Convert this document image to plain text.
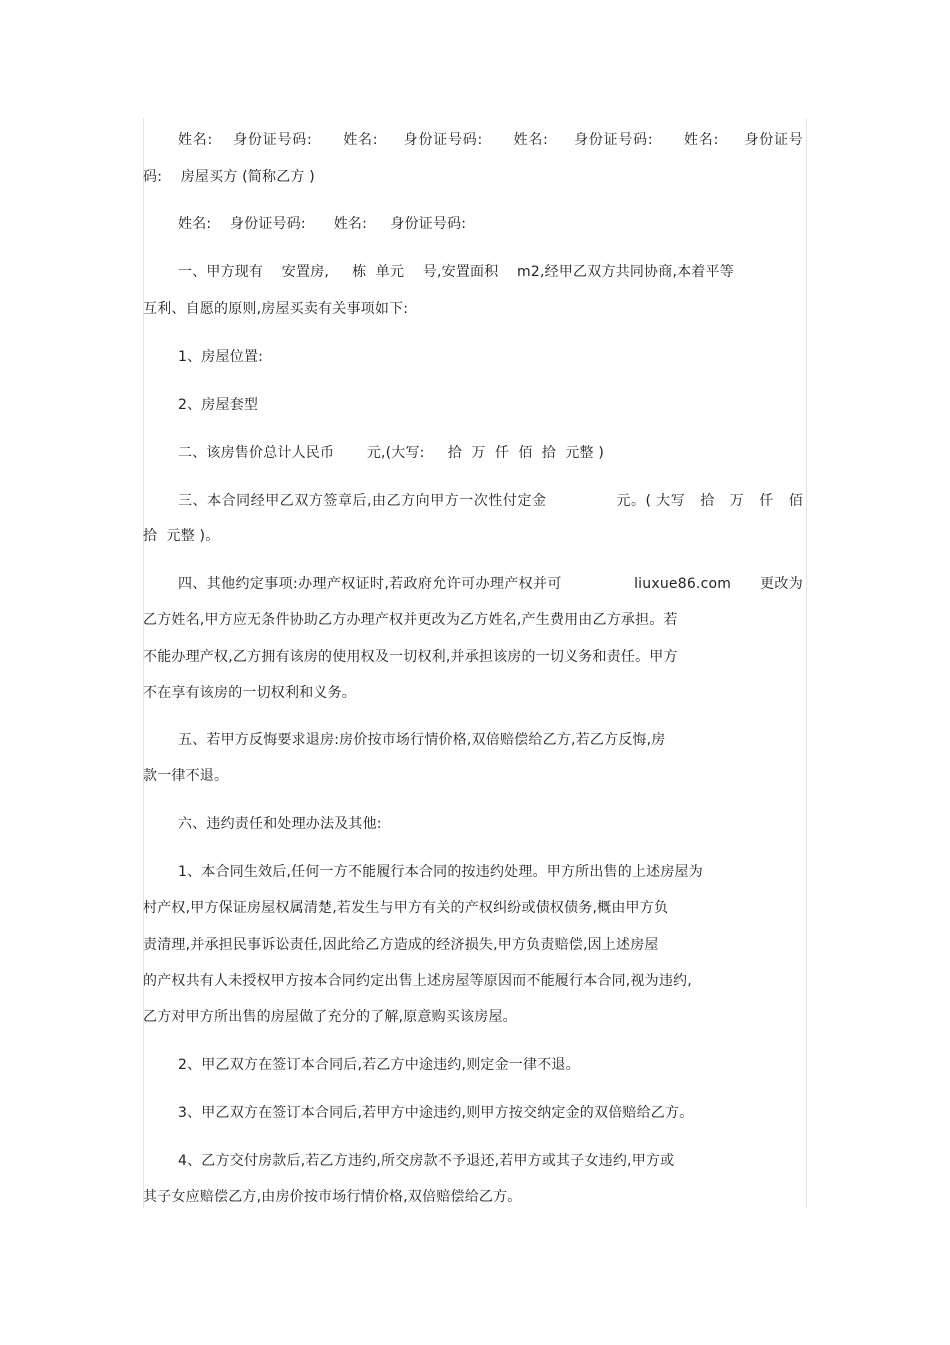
姓名:    身份证号码:      姓名:     身份证号码:      姓名:     身份证号码:      姓名:     身份证号
码:    房屋买方 (简称乙方 )
姓名:    身份证号码:      姓名:     身份证号码:
一、甲方现有    安置房,     栋  单元    号,安置面积    m2,经甲乙双方共同协商,本着平等
互利、自愿的原则,房屋买卖有关事项如下:
1、房屋位置:
2、房屋套型
二、该房售价总计人民币       元,(大写:     拾  万  仟  佰  拾  元整 )
三、本合同经甲乙双方签章后,由乙方向甲方一次性付定金              元。( 大写   拾   万   仟   佰
拾  元整 )。
四、其他约定事项:办理产权证时,若政府允许可办理产权并可               liuxue86.com      更改为
乙方姓名,甲方应无条件协助乙方办理产权并更改为乙方姓名,产生费用由乙方承担。若
不能办理产权,乙方拥有该房的使用权及一切权利,并承担该房的一切义务和责任。甲方
不在享有该房的一切权利和义务。
五、若甲方反悔要求退房:房价按市场行情价格,双倍赔偿给乙方,若乙方反悔,房
款一律不退。
六、违约责任和处理办法及其他:
1、本合同生效后,任何一方不能履行本合同的按违约处理。甲方所出售的上述房屋为
村产权,甲方保证房屋权属清楚,若发生与甲方有关的产权纠纷或债权债务,概由甲方负
责清理,并承担民事诉讼责任,因此给乙方造成的经济损失,甲方负责赔偿,因上述房屋
的产权共有人未授权甲方按本合同约定出售上述房屋等原因而不能履行本合同,视为违约,
乙方对甲方所出售的房屋做了充分的了解,原意购买该房屋。
2、甲乙双方在签订本合同后,若乙方中途违约,则定金一律不退。
3、甲乙双方在签订本合同后,若甲方中途违约,则甲方按交纳定金的双倍赔给乙方。
4、乙方交付房款后,若乙方违约,所交房款不予退还,若甲方或其子女违约,甲方或
其子女应赔偿乙方,由房价按市场行情价格,双倍赔偿给乙方。
